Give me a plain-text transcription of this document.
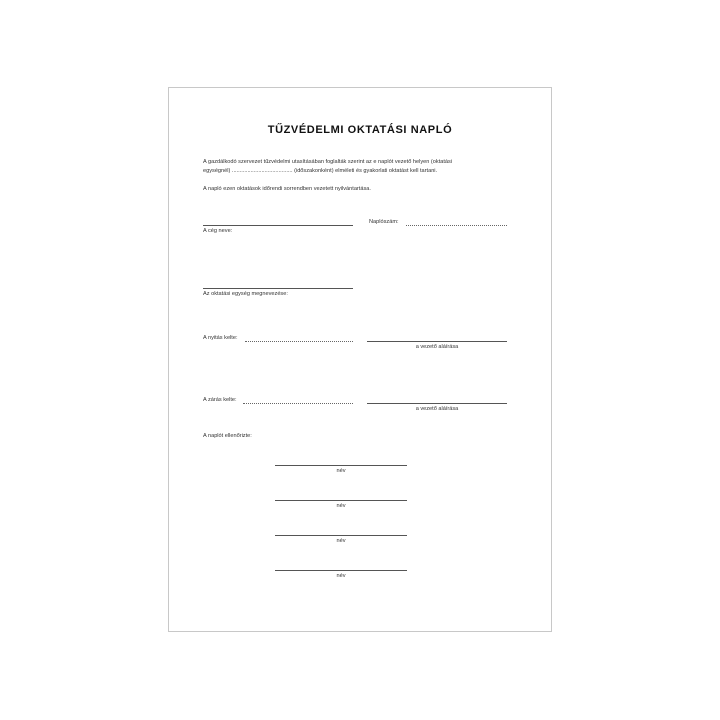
TŰZVÉDELMI OKTATÁSI NAPLÓ
A gazdálkodó szervezet tűzvédelmi utasításában foglalták szerint az e naplót vezető helyen (oktatási
egységnél) ....................................... (időszakonként) elméleti és gyakorlati oktatást kell tartani.
A napló ezen oktatások időrendi sorrendben vezetett nyilvántartása.
Naplószám:
A cég neve:
Az oktatási egység megnevezése:
A nyitás kelte:
a vezető aláírása
A zárás kelte:
a vezető aláírása
A naplót ellenőrizte:
név
név
név
név
